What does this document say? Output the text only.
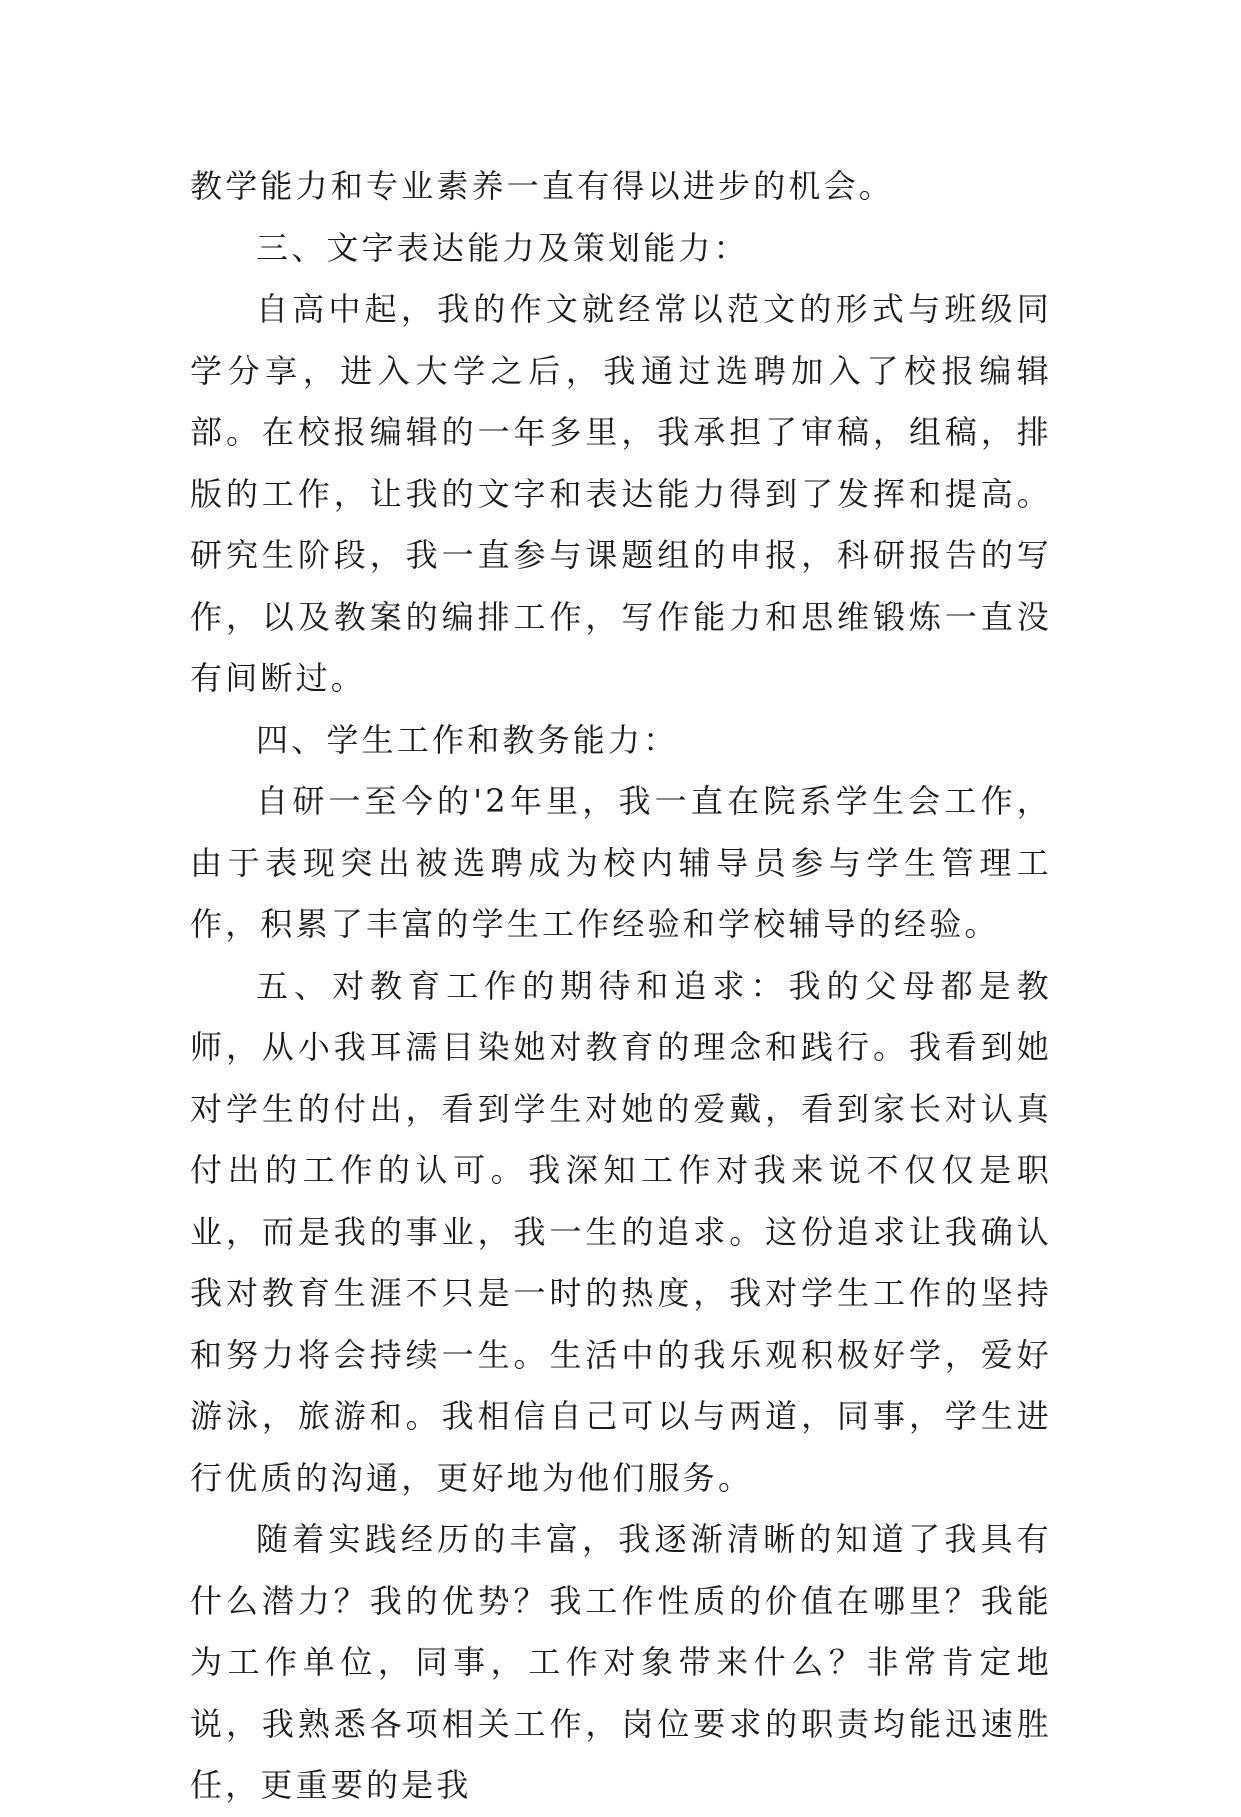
教学能力和专业素养一直有得以进步的机会。

三、文字表达能力及策划能力：

自高中起，我的作文就经常以范文的形式与班级同学分享，进入大学之后，我通过选聘加入了校报编辑部。在校报编辑的一年多里，我承担了审稿，组稿，排版的工作，让我的文字和表达能力得到了发挥和提高。研究生阶段，我一直参与课题组的申报，科研报告的写作，以及教案的编排工作，写作能力和思维锻炼一直没有间断过。

四、学生工作和教务能力：

自研一至今的'2年里，我一直在院系学生会工作，由于表现突出被选聘成为校内辅导员参与学生管理工作，积累了丰富的学生工作经验和学校辅导的经验。

五、对教育工作的期待和追求：我的父母都是教师，从小我耳濡目染她对教育的理念和践行。我看到她对学生的付出，看到学生对她的爱戴，看到家长对认真付出的工作的认可。我深知工作对我来说不仅仅是职业，而是我的事业，我一生的追求。这份追求让我确认我对教育生涯不只是一时的热度，我对学生工作的坚持和努力将会持续一生。生活中的我乐观积极好学，爱好游泳，旅游和。我相信自己可以与两道，同事，学生进行优质的沟通，更好地为他们服务。

随着实践经历的丰富，我逐渐清晰的知道了我具有什么潜力？我的优势？我工作性质的价值在哪里？我能为工作单位，同事，工作对象带来什么？非常肯定地说，我熟悉各项相关工作，岗位要求的职责均能迅速胜任，更重要的是我
